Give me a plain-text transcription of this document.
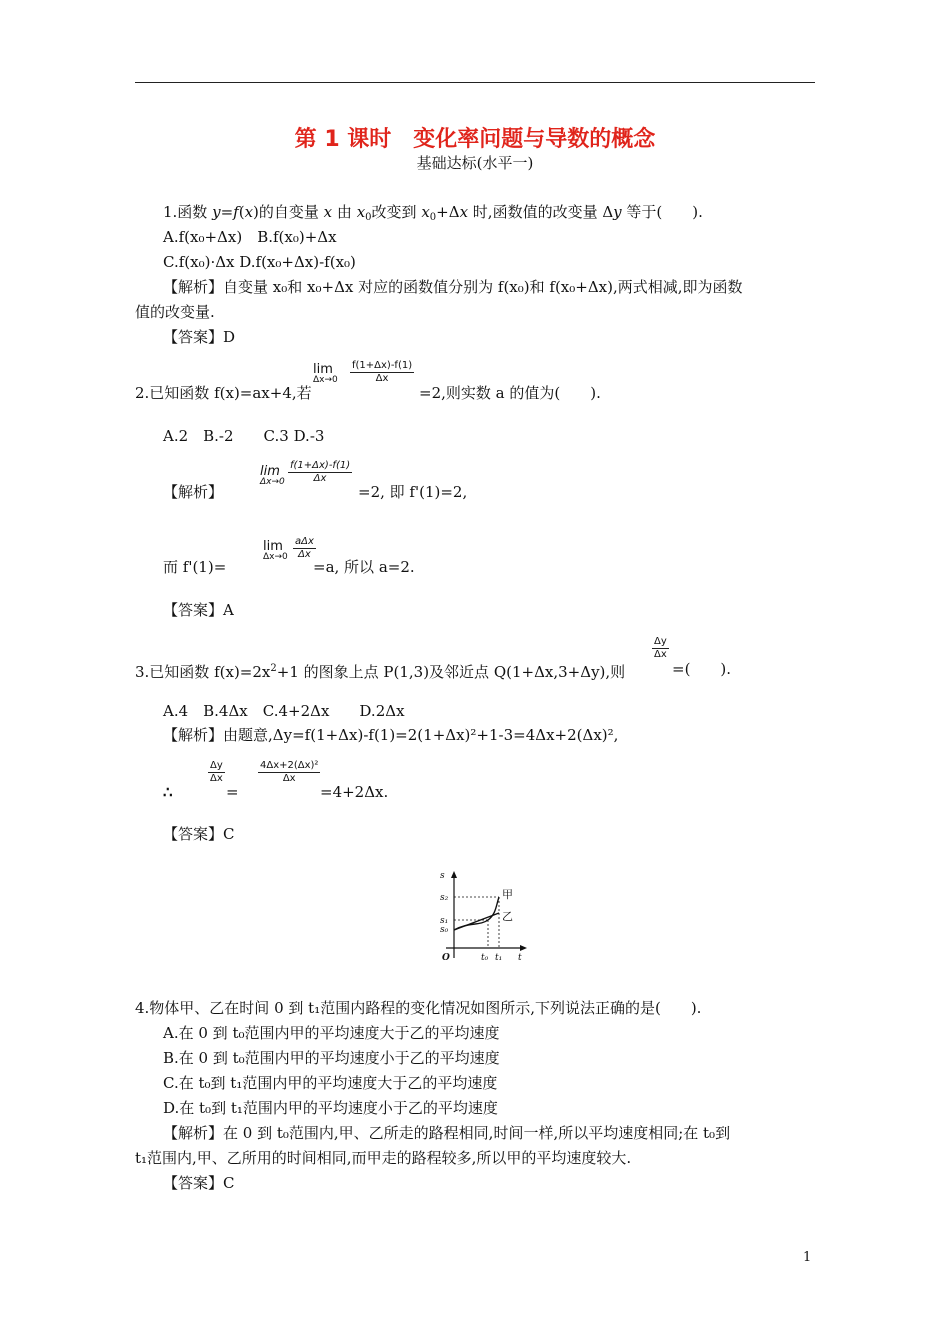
第 1 课时　变化率问题与导数的概念
基础达标(水平一)
1.函数 y=f(x)的自变量 x 由 $x_0$改变到 $x_0+\Delta x$ 时,函数值的改变量 Δy 等于(　　).
A.f(x₀+Δx)　B.f(x₀)+Δx
C.f(x₀)·Δx D.f(x₀+Δx)-f(x₀)
【解析】自变量 x₀和 x₀+Δx 对应的函数值分别为 f(x₀)和 f(x₀+Δx),两式相减,即为函数
值的改变量.
【答案】D
lim
$\Delta x\to 0 \frac{f(1+\Delta x)-f(1)}{\Delta x}$
2.已知函数 f(x)=ax+4,若	=2,则实数 a 的值为(　　).
A.2　B.-2　　C.3 D.-3
lim
$\Delta x\to 0 \frac{f(1+\Delta x)-f(1)}{\Delta x}$
【解析】	=2, 即 f'(1)=2,
lim
Δx→0
aΔx
Δx
而 f'(1)=	=a, 所以 a=2.
【答案】A
$\frac{\Delta y}{\Delta x}$
3.已知函数 $f(x)=2x^2+1$ 的图象上点 P(1,3)及邻近点 Q(1+Δx,3+Δy),则	=(　　).
A.4　B.4Δx　C.4+2Δx　　D.2Δx
【解析】由题意,Δy=f(1+Δx)-f(1)=2(1+Δx)²+1-3=4Δx+2(Δx)²,
$\frac{\Delta y}{\Delta x}$	$\frac{\text{4Δx+2(Δx)²}}{\Delta x}$
∴	=	=4+2Δx.
【答案】C
s
s₂
s₁
s₀
O	t₀ t₁ t
甲
乙
4.物体甲、乙在时间 0 到 t₁范围内路程的变化情况如图所示,下列说法正确的是(　　).
A.在 0 到 t₀范围内甲的平均速度大于乙的平均速度
B.在 0 到 t₀范围内甲的平均速度小于乙的平均速度
C.在 t₀到 t₁范围内甲的平均速度大于乙的平均速度
D.在 t₀到 t₁范围内甲的平均速度小于乙的平均速度
【解析】在 0 到 t₀范围内,甲、乙所走的路程相同,时间一样,所以平均速度相同;在 t₀到
t₁范围内,甲、乙所用的时间相同,而甲走的路程较多,所以甲的平均速度较大.
【答案】C
1
